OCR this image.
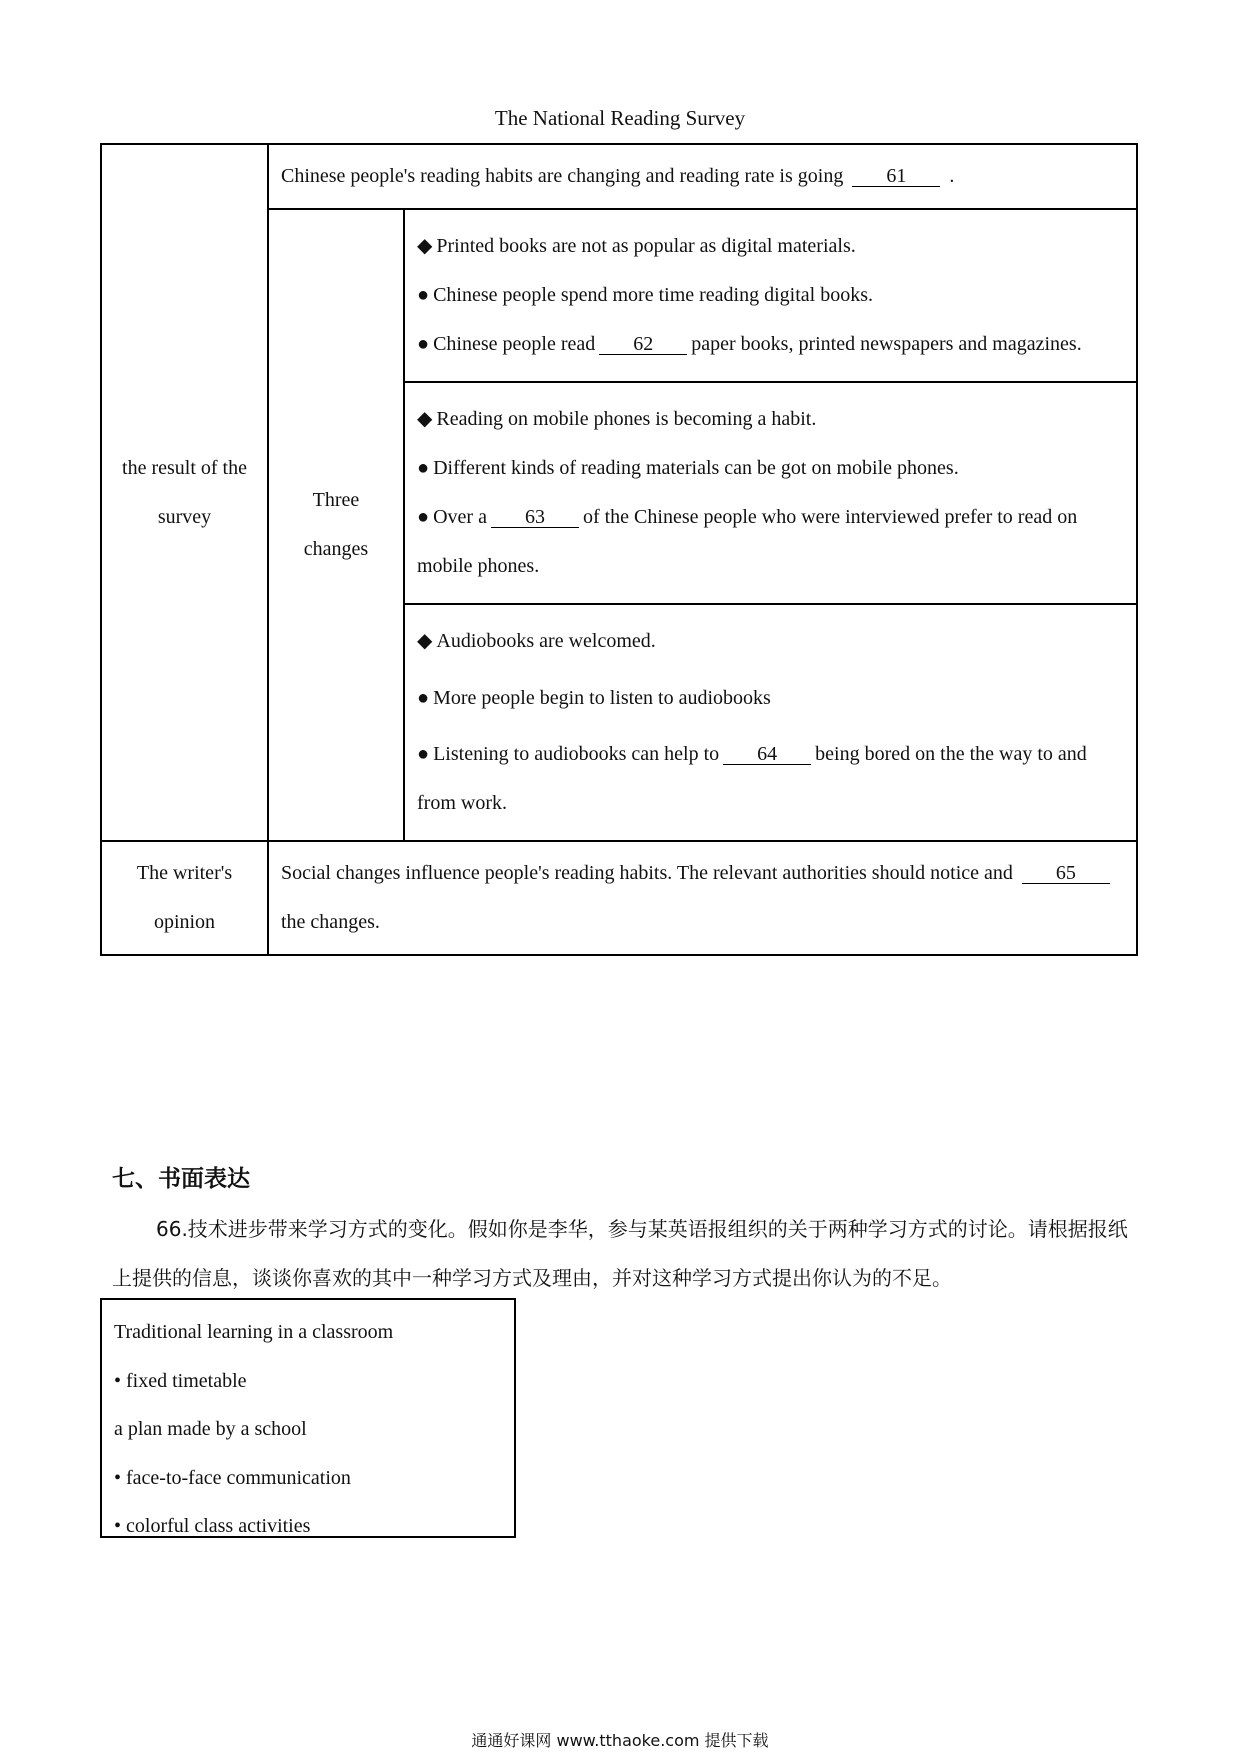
The National Reading Survey
the result of the survey	Chinese people's reading habits are changing and reading rate is going 61 .	
	Three changes	◆ Printed books are not as popular as digital materials.

● Chinese people spend more time reading digital books.

● Chinese people read 62 paper books, printed newspapers and magazines.

		◆ Reading on mobile phones is becoming a habit.

● Different kinds of reading materials can be got on mobile phones.

● Over a 63 of the Chinese people who were interviewed prefer to read on mobile phones.

		◆ Audiobooks are welcomed.

● More people begin to listen to audiobooks

● Listening to audiobooks can help to 64 being bored on the the way to and from work.

The writer's opinion	Social changes influence people's reading habits. The relevant authorities should notice and 65 the changes.	
七、书面表达
66.技术进步带来学习方式的变化。假如你是李华，参与某英语报组织的关于两种学习方式的讨论。请根据报纸上提供的信息，谈谈你喜欢的其中一种学习方式及理由，并对这种学习方式提出你认为的不足。

Traditional learning in a classroom

• fixed timetable

a plan made by a school

• face-to-face communication

• colorful class activities

通通好课网 www.tthaoke.com 提供下载
